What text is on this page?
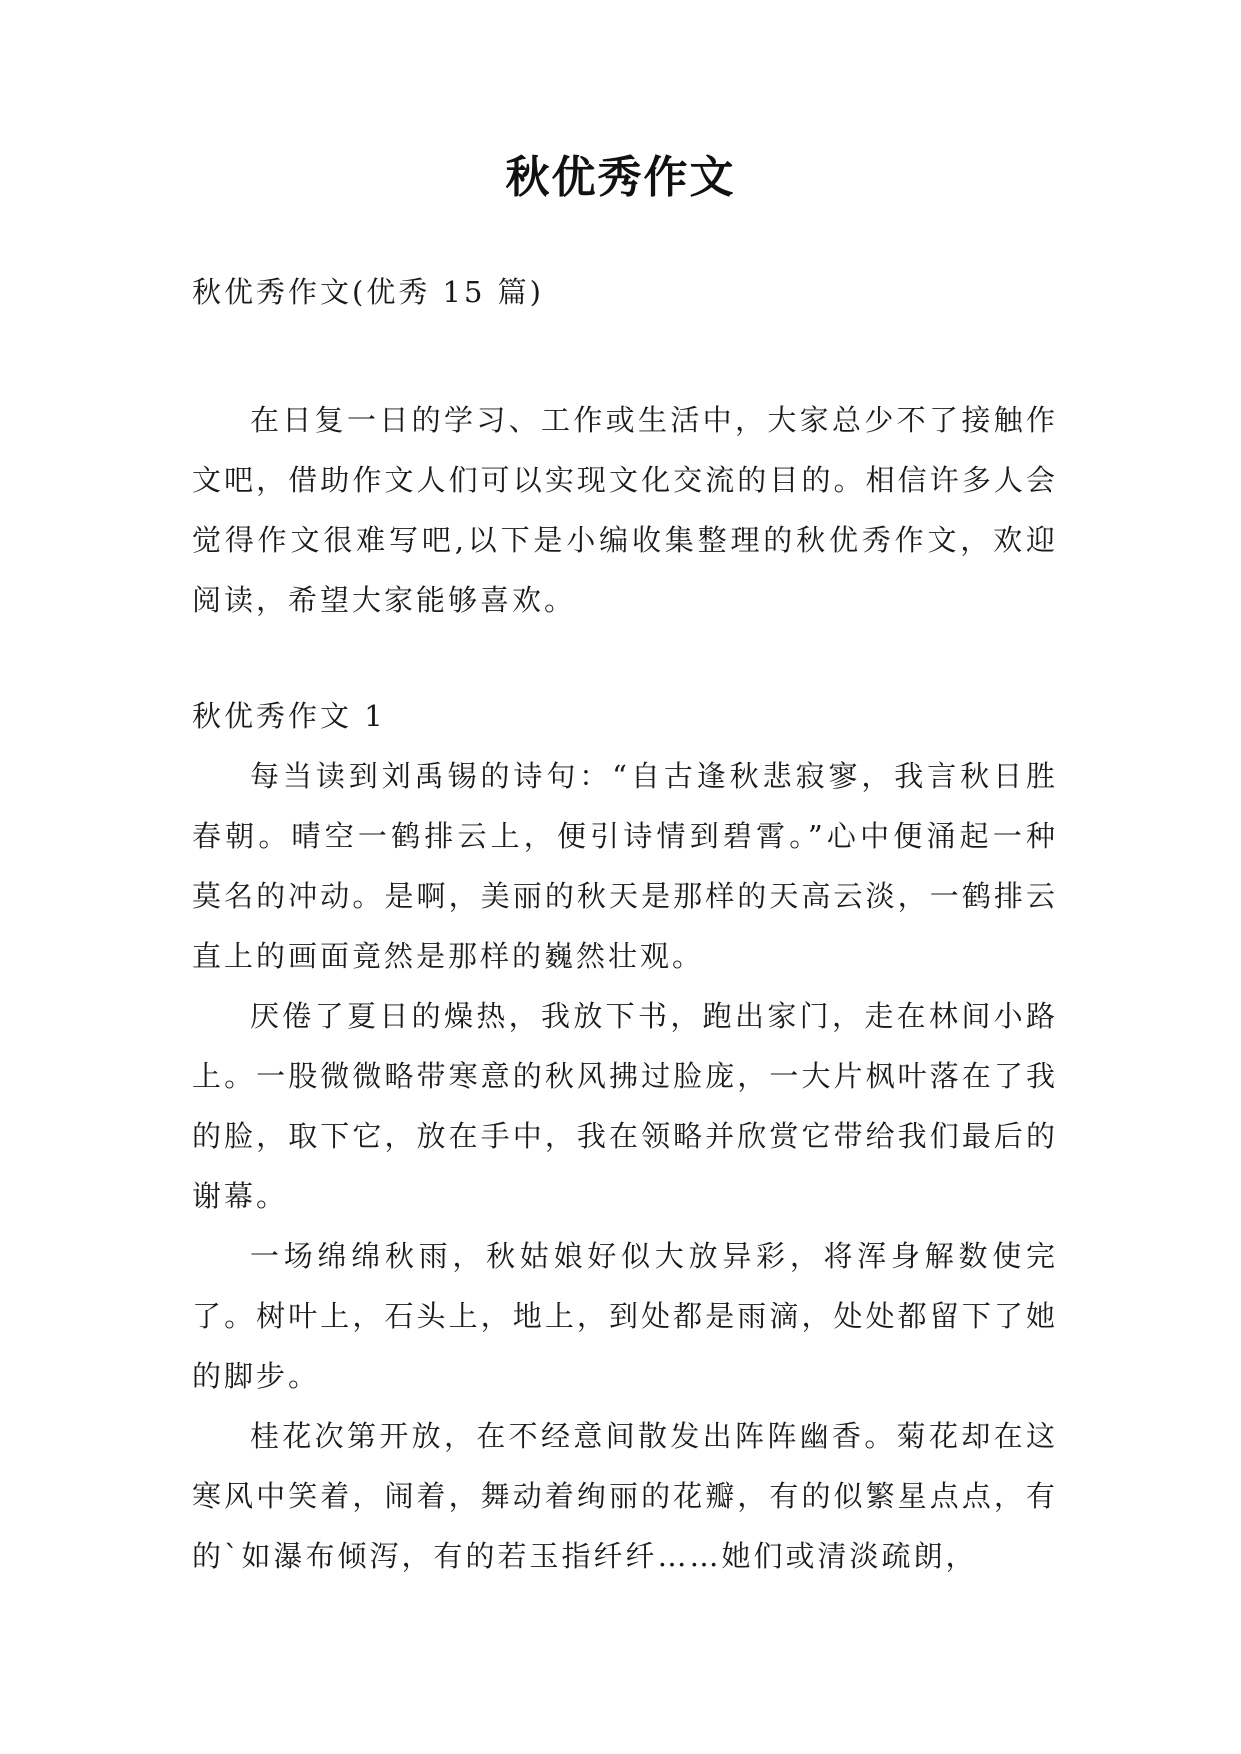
秋优秀作文

秋优秀作文(优秀 15 篇)

在日复一日的学习、工作或生活中，大家总少不了接触作文吧，借助作文人们可以实现文化交流的目的。相信许多人会觉得作文很难写吧,以下是小编收集整理的秋优秀作文，欢迎阅读，希望大家能够喜欢。

秋优秀作文 1

每当读到刘禹锡的诗句：“自古逢秋悲寂寥，我言秋日胜春朝。晴空一鹤排云上，便引诗情到碧霄。”心中便涌起一种莫名的冲动。是啊，美丽的秋天是那样的天高云淡，一鹤排云直上的画面竟然是那样的巍然壮观。

厌倦了夏日的燥热，我放下书，跑出家门，走在林间小路上。一股微微略带寒意的秋风拂过脸庞，一大片枫叶落在了我的脸，取下它，放在手中，我在领略并欣赏它带给我们最后的谢幕。

一场绵绵秋雨，秋姑娘好似大放异彩，将浑身解数使完了。树叶上，石头上，地上，到处都是雨滴，处处都留下了她的脚步。

桂花次第开放，在不经意间散发出阵阵幽香。菊花却在这寒风中笑着，闹着，舞动着绚丽的花瓣，有的似繁星点点，有的`如瀑布倾泻，有的若玉指纤纤……她们或清淡疏朗，
